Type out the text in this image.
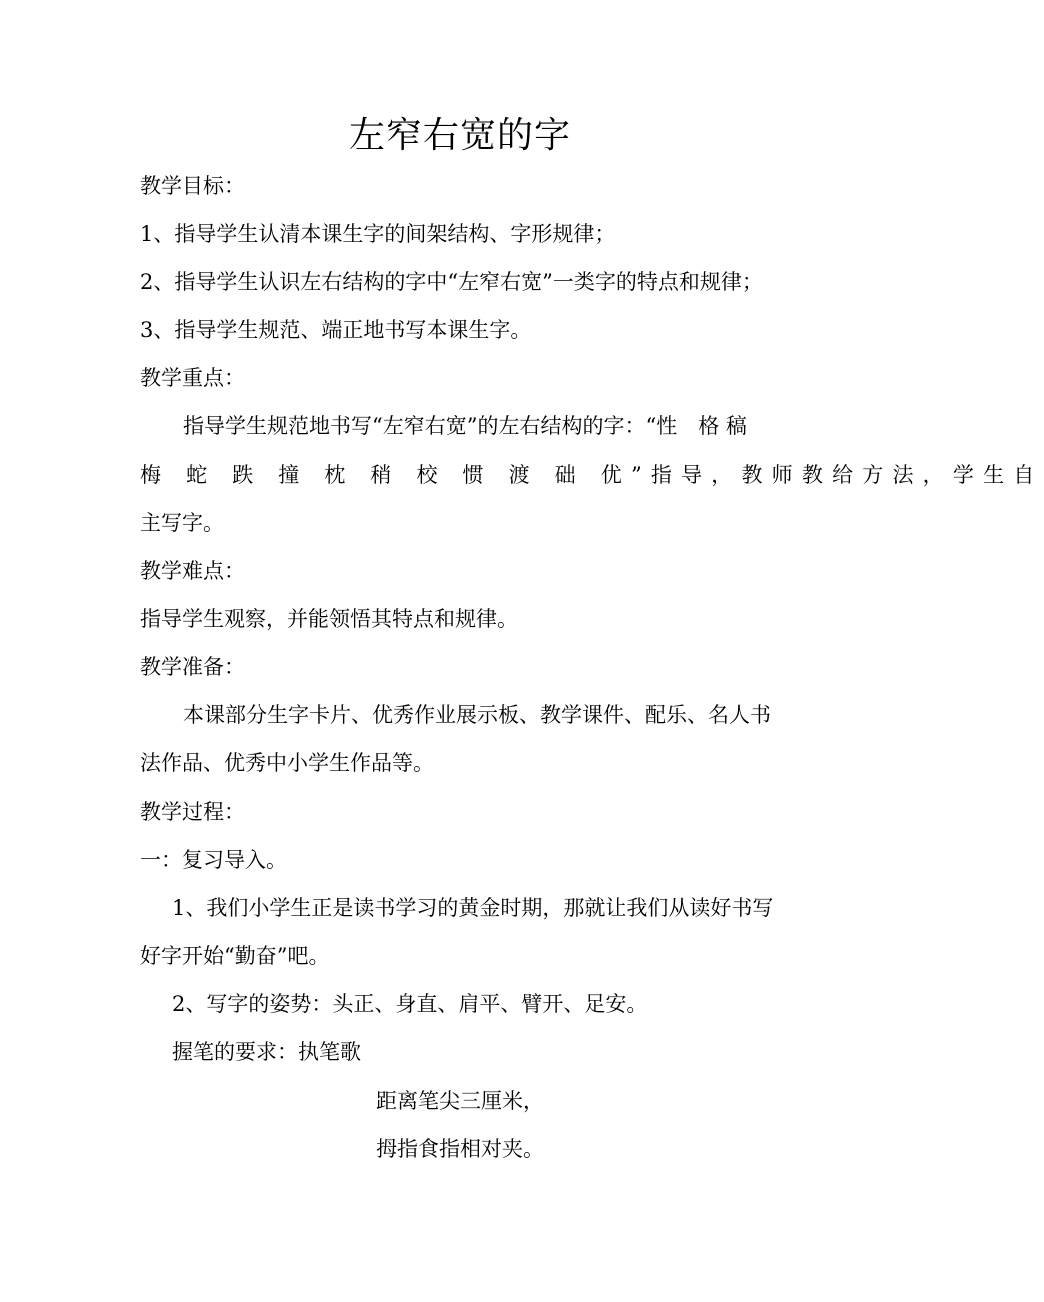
左窄右宽的字
教学目标：
1、指导学生认清本课生字的间架结构、字形规律；
2、指导学生认识左右结构的字中“左窄右宽”一类字的特点和规律；
3、指导学生规范、端正地书写本课生字。
教学重点：
指导学生规范地书写“左窄右宽”的左右结构的字：“性　格 稿
梅 蛇 跌 撞 枕 稍 校 惯 渡 础 优”指导，教师教给方法，学生自
主写字。
教学难点：
指导学生观察，并能领悟其特点和规律。
教学准备：
本课部分生字卡片、优秀作业展示板、教学课件、配乐、名人书
法作品、优秀中小学生作品等。
教学过程：
一：复习导入。
1、我们小学生正是读书学习的黄金时期，那就让我们从读好书写
好字开始“勤奋”吧。
2、写字的姿势：头正、身直、肩平、臂开、足安。
握笔的要求：执笔歌
距离笔尖三厘米，
拇指食指相对夹。
